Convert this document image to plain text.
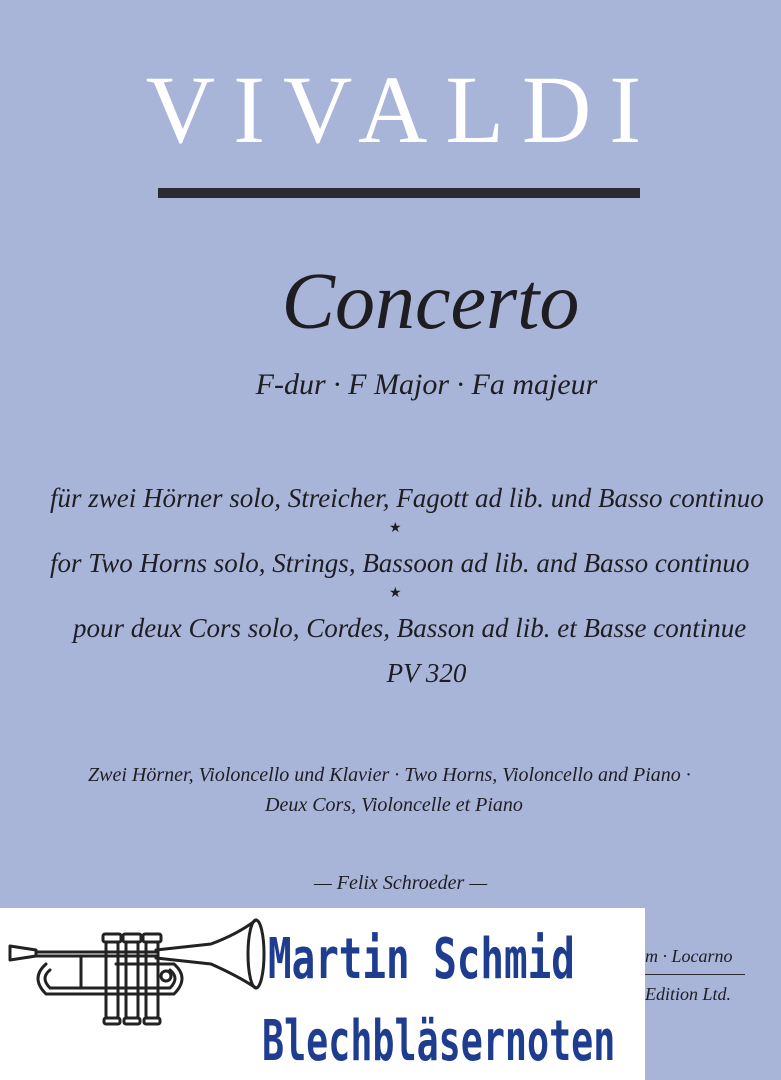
VIVALDI
Concerto
F-dur · F Major · Fa majeur
für zwei Hörner solo, Streicher, Fagott ad lib. und Basso continuo
★
for Two Horns solo, Strings, Bassoon ad lib. and Basso continuo
★
pour deux Cors solo, Cordes, Basson ad lib. et Basse continue
PV 320
Zwei Hörner, Violoncello und Klavier · Two Horns, Violoncello and Piano ·
Deux Cors, Violoncelle et Piano
— Felix Schroeder —
m · Locarno
Edition Ltd.
Martin Schmid
Blechbläsernoten
